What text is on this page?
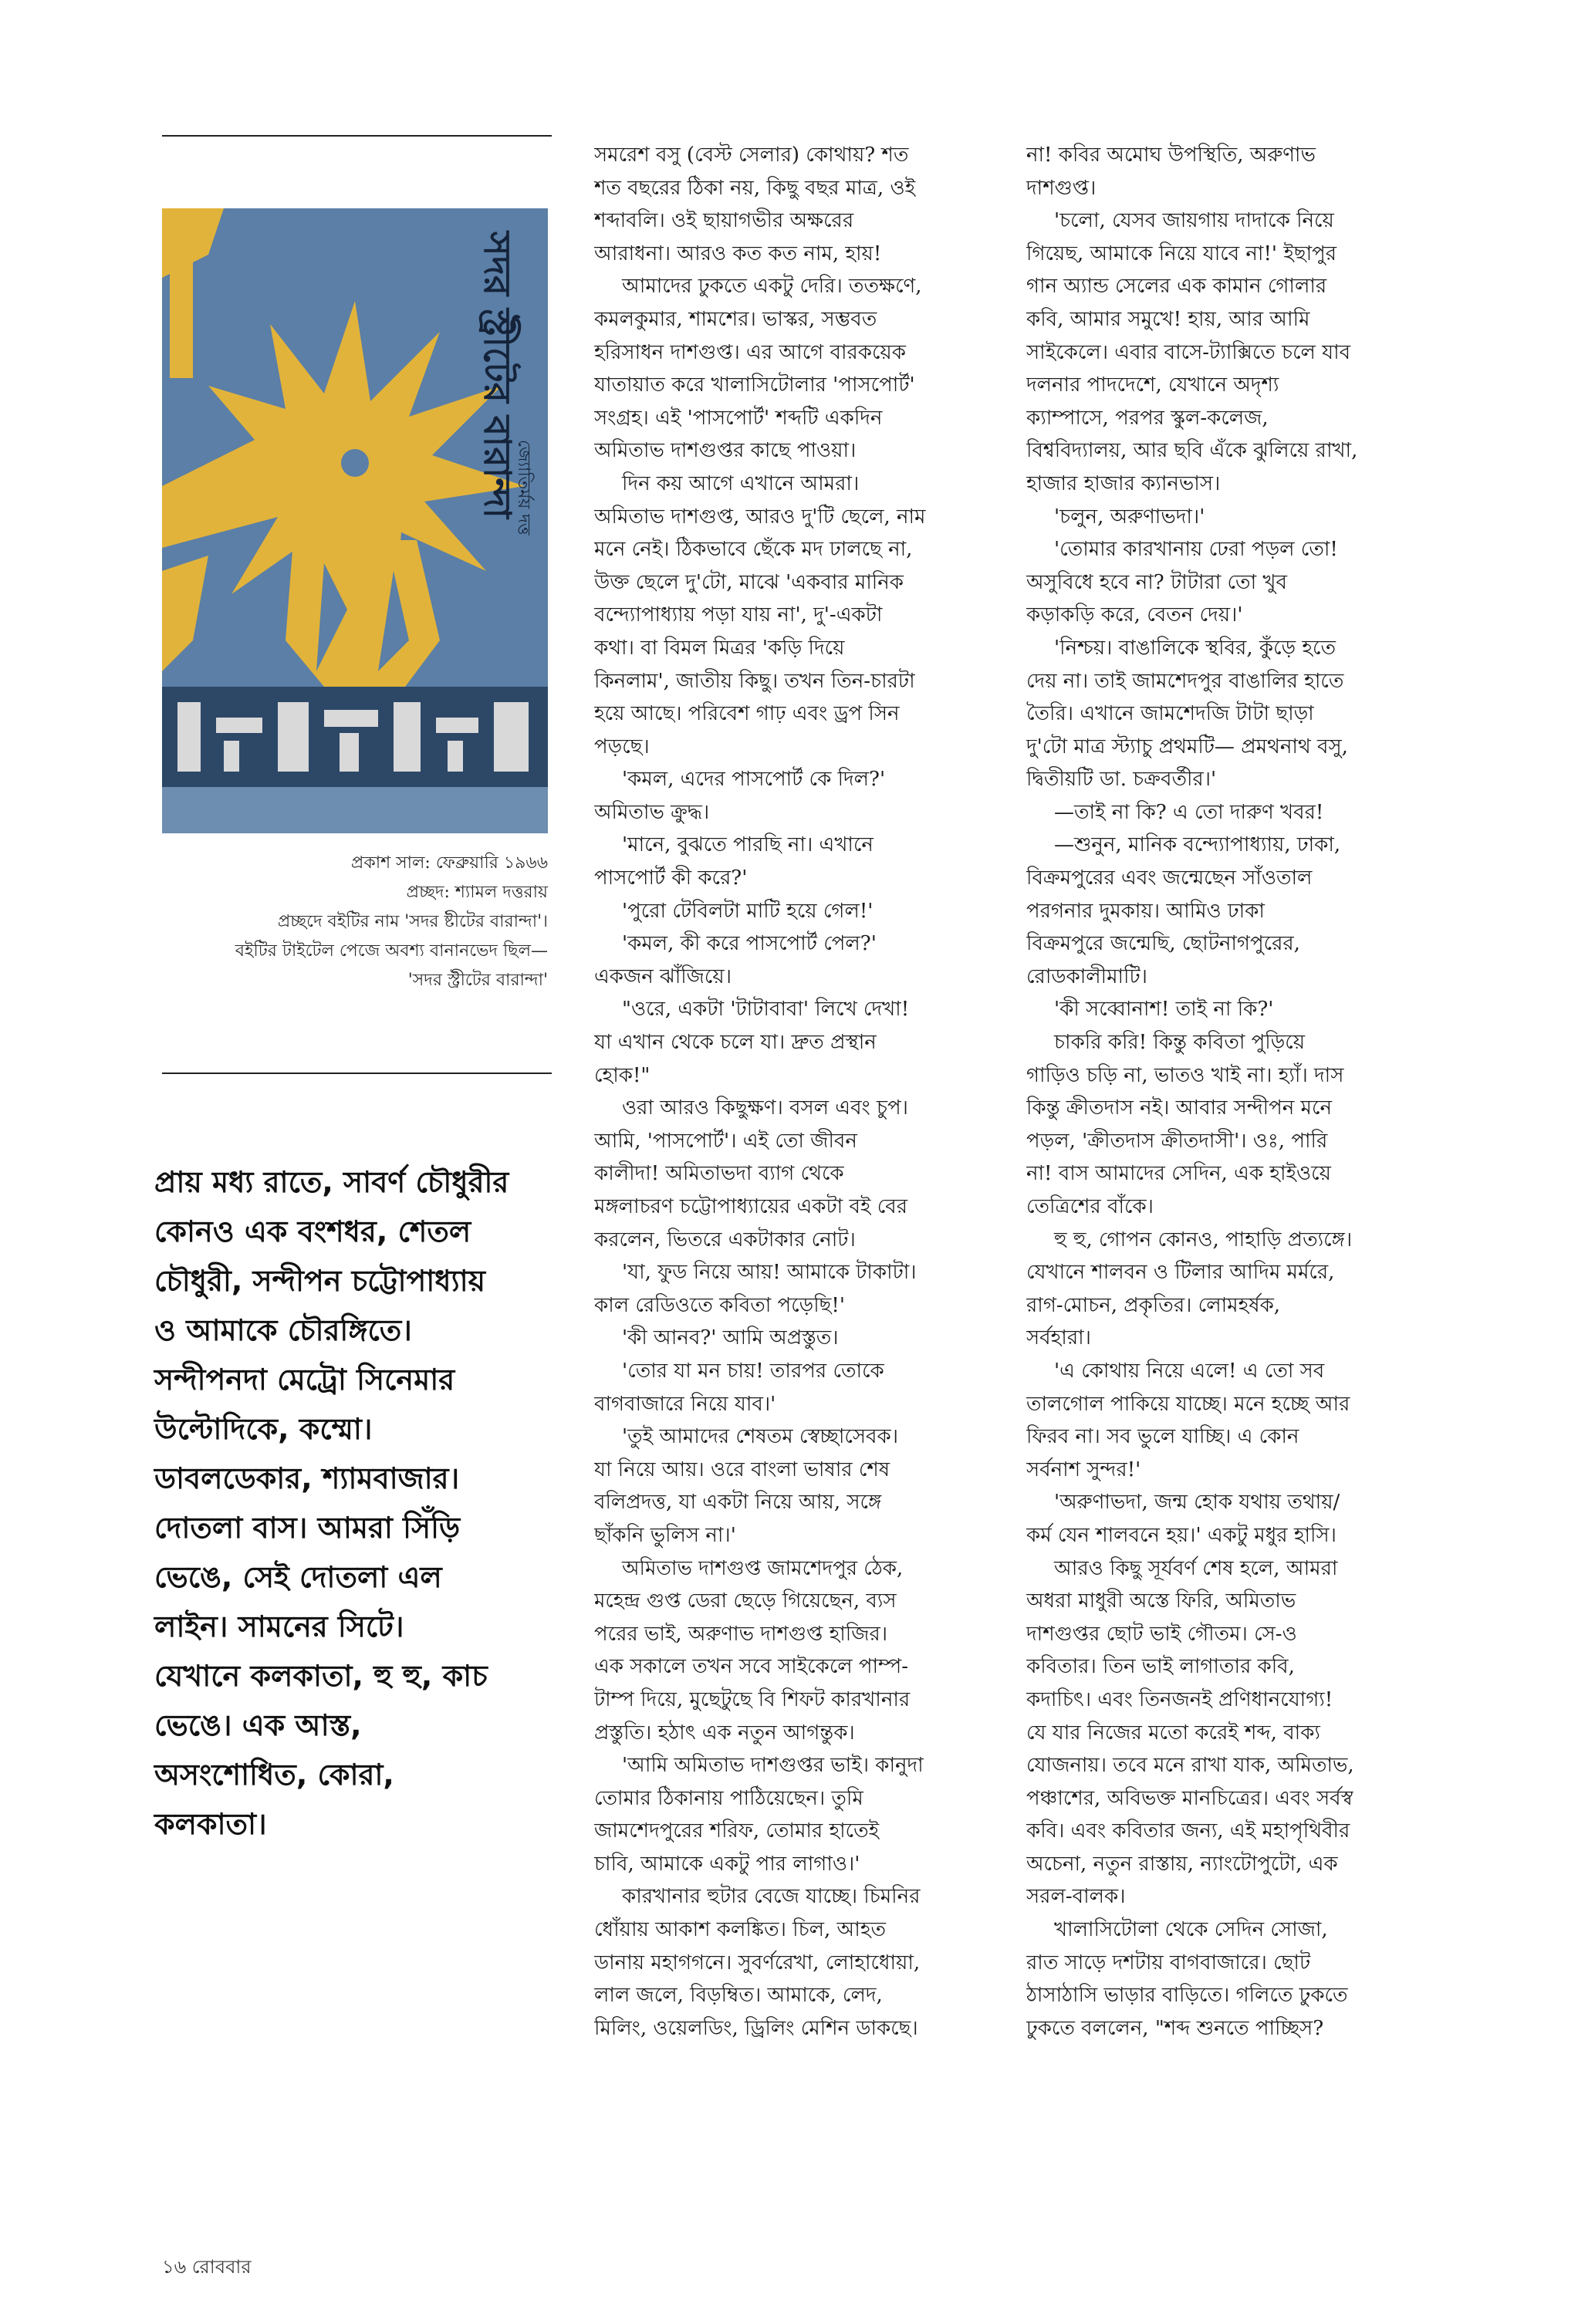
সদর স্ট্রীটের বারান্দা
জ্যোতির্ময় দত্ত
প্রকাশ সাল: ফেব্রুয়ারি ১৯৬৬
প্রচ্ছদ: শ্যামল দত্তরায়
প্রচ্ছদে বইটির নাম 'সদর ষ্টীটের বারান্দা'।
বইটির টাইটেল পেজে অবশ্য বানানভেদ ছিল—
'সদর স্ট্রীটের বারান্দা'
প্রায় মধ্য রাতে, সাবর্ণ চৌধুরীর
কোনও এক বংশধর, শেতল
চৌধুরী, সন্দীপন চট্টোপাধ্যায়
ও আমাকে চৌরঙ্গিতে।
সন্দীপনদা মেট্রো সিনেমার
উল্টোদিকে, কম্মো।
ডাবলডেকার, শ্যামবাজার।
দোতলা বাস। আমরা সিঁড়ি
ভেঙে, সেই দোতলা এল
লাইন। সামনের সিটে।
যেখানে কলকাতা, হু হু, কাচ
ভেঙে। এক আস্ত,
অসংশোধিত, কোরা,
কলকাতা।
সমরেশ বসু (বেস্ট সেলার) কোথায়? শত
শত বছরের ঠিকা নয়, কিছু বছর মাত্র, ওই
শব্দাবলি। ওই ছায়াগভীর অক্ষরের
আরাধনা। আরও কত কত নাম, হায়!
আমাদের ঢুকতে একটু দেরি। ততক্ষণে,
কমলকুমার, শামশের। ভাস্কর, সম্ভবত
হরিসাধন দাশগুপ্ত। এর আগে বারকয়েক
যাতায়াত করে খালাসিটোলার 'পাসপোর্ট'
সংগ্রহ। এই 'পাসপোর্ট' শব্দটি একদিন
অমিতাভ দাশগুপ্তর কাছে পাওয়া।
দিন কয় আগে এখানে আমরা।
অমিতাভ দাশগুপ্ত, আরও দু'টি ছেলে, নাম
মনে নেই। ঠিকভাবে ছেঁকে মদ ঢালছে না,
উক্ত ছেলে দু'টো, মাঝে 'একবার মানিক
বন্দ্যোপাধ্যায় পড়া যায় না', দু'-একটা
কথা। বা বিমল মিত্রর 'কড়ি দিয়ে
কিনলাম', জাতীয় কিছু। তখন তিন-চারটা
হয়ে আছে। পরিবেশ গাঢ় এবং ড্রপ সিন
পড়ছে।
'কমল, এদের পাসপোর্ট কে দিল?'
অমিতাভ ক্রুদ্ধ।
'মানে, বুঝতে পারছি না। এখানে
পাসপোর্ট কী করে?'
'পুরো টেবিলটা মাটি হয়ে গেল!'
'কমল, কী করে পাসপোর্ট পেল?'
একজন ঝাঁজিয়ে।
"ওরে, একটা 'টাটাবাবা' লিখে দেখা!
যা এখান থেকে চলে যা। দ্রুত প্রস্থান
হোক!"
ওরা আরও কিছুক্ষণ। বসল এবং চুপ।
আমি, 'পাসপোর্ট'। এই তো জীবন
কালীদা! অমিতাভদা ব্যাগ থেকে
মঙ্গলাচরণ চট্টোপাধ্যায়ের একটা বই বের
করলেন, ভিতরে একটাকার নোট।
'যা, ফুড নিয়ে আয়! আমাকে টাকাটা।
কাল রেডিওতে কবিতা পড়েছি!'
'কী আনব?' আমি অপ্রস্তুত।
'তোর যা মন চায়! তারপর তোকে
বাগবাজারে নিয়ে যাব।'
'তুই আমাদের শেষতম স্বেচ্ছাসেবক।
যা নিয়ে আয়। ওরে বাংলা ভাষার শেষ
বলিপ্রদত্ত, যা একটা নিয়ে আয়, সঙ্গে
ছাঁকনি ভুলিস না।'
অমিতাভ দাশগুপ্ত জামশেদপুর ঠেক,
মহেন্দ্র গুপ্ত ডেরা ছেড়ে গিয়েছেন, ব্যস
পরের ভাই, অরুণাভ দাশগুপ্ত হাজির।
এক সকালে তখন সবে সাইকেলে পাম্প-
টাম্প দিয়ে, মুছেটুছে বি শিফট কারখানার
প্রস্তুতি। হঠাৎ এক নতুন আগন্তুক।
'আমি অমিতাভ দাশগুপ্তর ভাই। কানুদা
তোমার ঠিকানায় পাঠিয়েছেন। তুমি
জামশেদপুরের শরিফ, তোমার হাতেই
চাবি, আমাকে একটু পার লাগাও।'
কারখানার হুটার বেজে যাচ্ছে। চিমনির
ধোঁয়ায় আকাশ কলঙ্কিত। চিল, আহত
ডানায় মহাগগনে। সুবর্ণরেখা, লোহাধোয়া,
লাল জলে, বিড়ম্বিত। আমাকে, লেদ,
মিলিং, ওয়েলডিং, ড্রিলিং মেশিন ডাকছে।
না! কবির অমোঘ উপস্থিতি, অরুণাভ
দাশগুপ্ত।
'চলো, যেসব জায়গায় দাদাকে নিয়ে
গিয়েছ, আমাকে নিয়ে যাবে না!' ইছাপুর
গান অ্যান্ড সেলের এক কামান গোলার
কবি, আমার সমুখে! হায়, আর আমি
সাইকেলে। এবার বাসে-ট্যাক্সিতে চলে যাব
দলনার পাদদেশে, যেখানে অদৃশ্য
ক্যাম্পাসে, পরপর স্কুল-কলেজ,
বিশ্ববিদ্যালয়, আর ছবি এঁকে ঝুলিয়ে রাখা,
হাজার হাজার ক্যানভাস।
'চলুন, অরুণাভদা।'
'তোমার কারখানায় ঢেরা পড়ল তো!
অসুবিধে হবে না? টাটারা তো খুব
কড়াকড়ি করে, বেতন দেয়।'
'নিশ্চয়। বাঙালিকে স্থবির, কুঁড়ে হতে
দেয় না। তাই জামশেদপুর বাঙালির হাতে
তৈরি। এখানে জামশেদজি টাটা ছাড়া
দু'টো মাত্র স্ট্যাচু প্রথমটি— প্রমথনাথ বসু,
দ্বিতীয়টি ডা. চক্রবর্তীর।'
—তাই না কি? এ তো দারুণ খবর!
—শুনুন, মানিক বন্দ্যোপাধ্যায়, ঢাকা,
বিক্রমপুরের এবং জন্মেছেন সাঁওতাল
পরগনার দুমকায়। আমিও ঢাকা
বিক্রমপুরে জন্মেছি, ছোটনাগপুরের,
রোডকালীমাটি।
'কী সব্বোনাশ! তাই না কি?'
চাকরি করি! কিন্তু কবিতা পুড়িয়ে
গাড়িও চড়ি না, ভাতও খাই না। হ্যাঁ। দাস
কিন্তু ক্রীতদাস নই। আবার সন্দীপন মনে
পড়ল, 'ক্রীতদাস ক্রীতদাসী'। ওঃ, পারি
না! বাস আমাদের সেদিন, এক হাইওয়ে
তেত্রিশের বাঁকে।
হু হু, গোপন কোনও, পাহাড়ি প্রত্যঙ্গে।
যেখানে শালবন ও টিলার আদিম মর্মরে,
রাগ-মোচন, প্রকৃতির। লোমহর্ষক,
সর্বহারা।
'এ কোথায় নিয়ে এলে! এ তো সব
তালগোল পাকিয়ে যাচ্ছে। মনে হচ্ছে আর
ফিরব না। সব ভুলে যাচ্ছি। এ কোন
সর্বনাশ সুন্দর!'
'অরুণাভদা, জন্ম হোক যথায় তথায়/
কর্ম যেন শালবনে হয়।' একটু মধুর হাসি।
আরও কিছু সূর্যবর্ণ শেষ হলে, আমরা
অধরা মাধুরী অস্তে ফিরি, অমিতাভ
দাশগুপ্তর ছোট ভাই গৌতম। সে-ও
কবিতার। তিন ভাই লাগাতার কবি,
কদাচিৎ। এবং তিনজনই প্রণিধানযোগ্য!
যে যার নিজের মতো করেই শব্দ, বাক্য
যোজনায়। তবে মনে রাখা যাক, অমিতাভ,
পঞ্চাশের, অবিভক্ত মানচিত্রের। এবং সর্বস্ব
কবি। এবং কবিতার জন্য, এই মহাপৃথিবীর
অচেনা, নতুন রাস্তায়, ন্যাংটোপুটো, এক
সরল-বালক।
খালাসিটোলা থেকে সেদিন সোজা,
রাত সাড়ে দশটায় বাগবাজারে। ছোট
ঠাসাঠাসি ভাড়ার বাড়িতে। গলিতে ঢুকতে
ঢুকতে বললেন, "শব্দ শুনতে পাচ্ছিস?
১৬ রোববার
